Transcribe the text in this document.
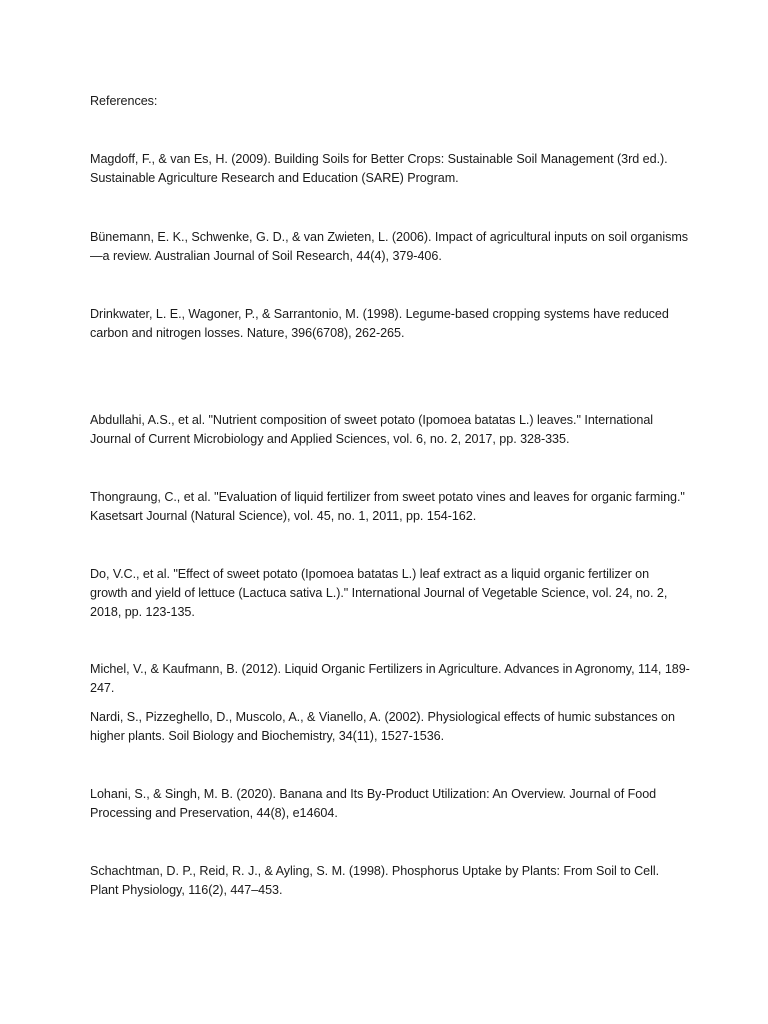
References:
Magdoff, F., & van Es, H. (2009). Building Soils for Better Crops: Sustainable Soil Management (3rd ed.). Sustainable Agriculture Research and Education (SARE) Program.
Bünemann, E. K., Schwenke, G. D., & van Zwieten, L. (2006). Impact of agricultural inputs on soil organisms—a review. Australian Journal of Soil Research, 44(4), 379-406.
Drinkwater, L. E., Wagoner, P., & Sarrantonio, M. (1998). Legume-based cropping systems have reduced carbon and nitrogen losses. Nature, 396(6708), 262-265.
Abdullahi, A.S., et al. "Nutrient composition of sweet potato (Ipomoea batatas L.) leaves." International Journal of Current Microbiology and Applied Sciences, vol. 6, no. 2, 2017, pp. 328-335.
Thongraung, C., et al. "Evaluation of liquid fertilizer from sweet potato vines and leaves for organic farming." Kasetsart Journal (Natural Science), vol. 45, no. 1, 2011, pp. 154-162.
Do, V.C., et al. "Effect of sweet potato (Ipomoea batatas L.) leaf extract as a liquid organic fertilizer on growth and yield of lettuce (Lactuca sativa L.)." International Journal of Vegetable Science, vol. 24, no. 2, 2018, pp. 123-135.
Michel, V., & Kaufmann, B. (2012). Liquid Organic Fertilizers in Agriculture. Advances in Agronomy, 114, 189-247.
Nardi, S., Pizzeghello, D., Muscolo, A., & Vianello, A. (2002). Physiological effects of humic substances on higher plants. Soil Biology and Biochemistry, 34(11), 1527-1536.
Lohani, S., & Singh, M. B. (2020). Banana and Its By-Product Utilization: An Overview. Journal of Food Processing and Preservation, 44(8), e14604.
Schachtman, D. P., Reid, R. J., & Ayling, S. M. (1998). Phosphorus Uptake by Plants: From Soil to Cell. Plant Physiology, 116(2), 447–453.
